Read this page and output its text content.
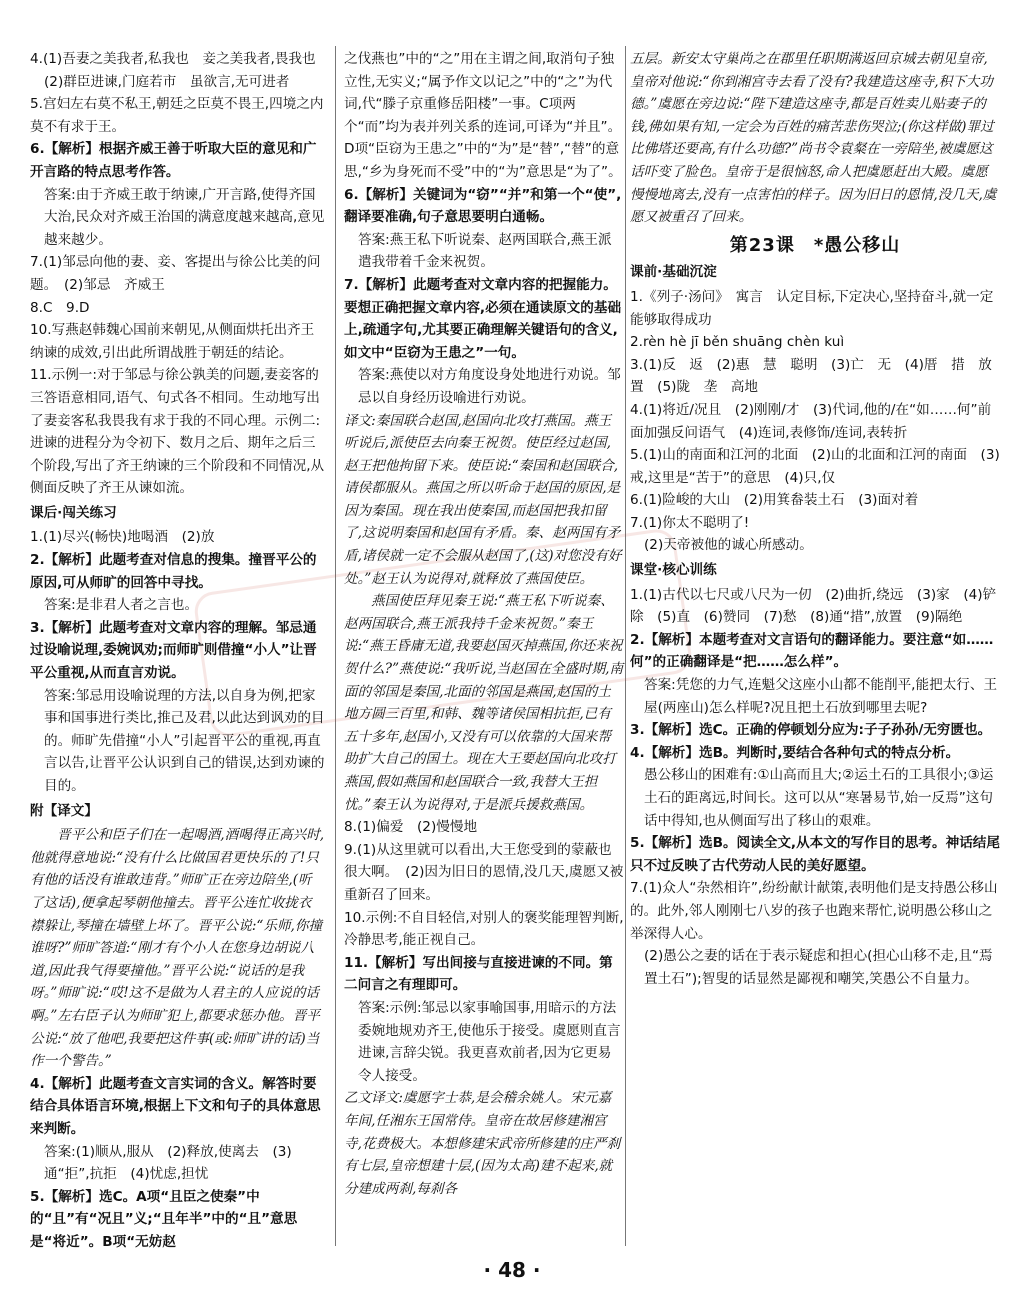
4.(1)吾妻之美我者,私我也　妾之美我者,畏我也
(2)群臣进谏,门庭若市　虽欲言,无可进者
5.宫妇左右莫不私王,朝廷之臣莫不畏王,四境之内莫不有求于王。
6.【解析】根据齐威王善于听取大臣的意见和广开言路的特点思考作答。
答案:由于齐威王敢于纳谏,广开言路,使得齐国大治,民众对齐威王治国的满意度越来越高,意见越来越少。
7.(1)邹忌向他的妻、妾、客提出与徐公比美的问题。　(2)邹忌　齐威王
8.C　9.D
10.写燕赵韩魏心国前来朝见,从侧面烘托出齐王纳谏的成效,引出此所谓战胜于朝廷的结论。
11.示例一:对于邹忌与徐公孰美的问题,妻妾客的三答语意相同,语气、句式各不相同。生动地写出了妻妾客私我畏我有求于我的不同心理。示例二:进谏的进程分为令初下、数月之后、期年之后三个阶段,写出了齐王纳谏的三个阶段和不同情况,从侧面反映了齐王从谏如流。
课后·闯关练习
1.(1)尽兴(畅快)地喝酒　(2)放
2.【解析】此题考查对信息的搜集。撞晋平公的原因,可从师旷的回答中寻找。
答案:是非君人者之言也。
3.【解析】此题考查对文章内容的理解。邹忌通过设喻说理,委婉讽劝;而师旷则借撞“小人”让晋平公重视,从而直言劝说。
答案:邹忌用设喻说理的方法,以自身为例,把家事和国事进行类比,推己及君,以此达到讽劝的目的。师旷先借撞“小人”引起晋平公的重视,再直言以告,让晋平公认识到自己的错误,达到劝谏的目的。
附【译文】
　　晋平公和臣子们在一起喝酒,酒喝得正高兴时,他就得意地说:“没有什么比做国君更快乐的了!只有他的话没有谁敢违背。”师旷正在旁边陪坐,(听了这话),便拿起琴朝他撞去。晋平公连忙收拢衣襟躲让,琴撞在墙壁上坏了。晋平公说:“乐师,你撞谁呀?”师旷答道:“刚才有个小人在您身边胡说八道,因此我气得要撞他。”晋平公说:“说话的是我呀。”师旷说:“哎!这不是做为人君主的人应说的话啊。”左右臣子认为师旷犯上,都要求惩办他。晋平公说:“放了他吧,我要把这件事(或:师旷讲的话)当作一个警告。”
4.【解析】此题考查文言实词的含义。解答时要结合具体语言环境,根据上下文和句子的具体意思来判断。
答案:(1)顺从,服从　(2)释放,使离去　(3)通“拒”,抗拒　(4)忧虑,担忧
5.【解析】选C。A项“且臣之使秦”中的“且”有“况且”义;“且年半”中的“且”意思是“将近”。B项“无妨赵
之伐燕也”中的“之”用在主谓之间,取消句子独立性,无实义;“属予作文以记之”中的“之”为代词,代“滕子京重修岳阳楼”一事。C项两个“而”均为表并列关系的连词,可译为“并且”。D项“臣窃为王患之”中的“为”是“替”,“替”的意思,“乡为身死而不受”中的“为”意思是“为了”。
6.【解析】关键词为“窃”“并”和第一个“使”,翻译要准确,句子意思要明白通畅。
答案:燕王私下听说秦、赵两国联合,燕王派遣我带着千金来祝贺。
7.【解析】此题考查对文章内容的把握能力。要想正确把握文章内容,必须在通读原文的基础上,疏通字句,尤其要正确理解关键语句的含义,如文中“臣窃为王患之”一句。
答案:燕使以对方角度设身处地进行劝说。邹忌以自身经历设喻进行劝说。
译文:秦国联合赵国,赵国向北攻打燕国。燕王听说后,派使臣去向秦王祝贺。使臣经过赵国,赵王把他拘留下来。使臣说:“秦国和赵国联合,请侯都服从。燕国之所以听命于赵国的原因,是因为秦国。现在我出使秦国,而赵国把我扣留了,这说明秦国和赵国有矛盾。秦、赵两国有矛盾,诸侯就一定不会服从赵国了,(这)对您没有好处。”赵王认为说得对,就释放了燕国使臣。
　　燕国使臣拜见秦王说:“燕王私下听说秦、赵两国联合,燕王派我持千金来祝贺。”秦王说:“燕王昏庸无道,我要赵国灭掉燕国,你还来祝贺什么?”燕使说:“我听说,当赵国在全盛时期,南面的邻国是秦国,北面的邻国是燕国,赵国的土地方圆三百里,和韩、魏等诸侯国相抗拒,已有五十多年,赵国小,又没有可以依靠的大国来帮助扩大自己的国土。现在大王要赵国向北攻打燕国,假如燕国和赵国联合一致,我替大王担忧。”秦王认为说得对,于是派兵援救燕国。
8.(1)偏爱　(2)慢慢地
9.(1)从这里就可以看出,大王您受到的蒙蔽也很大啊。　(2)因为旧日的恩情,没几天,虞愿又被重新召了回来。
10.示例:不自目轻信,对别人的褒奖能理智判断,冷静思考,能正视自己。
11.【解析】写出间接与直接进谏的不同。第二问言之有理即可。
答案:示例:邹忌以家事喻国事,用暗示的方法委婉地规劝齐王,使他乐于接受。虞愿则直言进谏,言辞尖锐。我更喜欢前者,因为它更易令人接受。
乙文译文:虞愿字士恭,是会稽余姚人。宋元嘉年间,任湘东王国常侍。皇帝在故居修建湘宫寺,花费极大。本想修建宋武帝所修建的庄严刹有七层,皇帝想建十层,(因为太高)建不起来,就分建成两刹,每刹各
五层。新安太守巢尚之在郡里任职期满返回京城去朝见皇帝,皇帝对他说:“你到湘宫寺去看了没有?我建造这座寺,积下大功德。”虞愿在旁边说:“陛下建造这座寺,都是百姓卖儿贴妻子的钱,佛如果有知,一定会为百姓的痛苦悲伤哭泣;(你这样做)罪过比佛塔还要高,有什么功德?”尚书令袁粲在一旁陪坐,被虞愿这话吓变了脸色。皇帝于是很恼怒,命人把虞愿赶出大殿。虞愿慢慢地离去,没有一点害怕的样子。因为旧日的恩情,没几天,虞愿又被重召了回来。
第23课　*愚公移山
课前·基础沉淀
1.《列子·汤问》　寓言　认定目标,下定决心,坚持奋斗,就一定能够取得成功
2.rèn hè jī běn shuāng chèn kuì
3.(1)反　返　(2)惠　慧　聪明　(3)亡　无　(4)厝　措　放置　(5)陇　垄　高地
4.(1)将近/况且　(2)刚刚/才　(3)代词,他的/在“如……何”前面加强反问语气　(4)连词,表修饰/连词,表转折
5.(1)山的南面和江河的北面　(2)山的北面和江河的南面　(3)戒,这里是“苦于”的意思　(4)只,仅
6.(1)险峻的大山　(2)用箕畚装土石　(3)面对着
7.(1)你太不聪明了!
(2)天帝被他的诚心所感动。
课堂·核心训练
1.(1)古代以七尺或八尺为一仞　(2)曲折,绕远　(3)家　(4)铲除　(5)直　(6)赞同　(7)愁　(8)通“措”,放置　(9)隔绝
2.【解析】本题考查对文言语句的翻译能力。要注意“如……何”的正确翻译是“把……怎么样”。
答案:凭您的力气,连魁父这座小山都不能削平,能把太行、王屋(两座山)怎么样呢?况且把土石放到哪里去呢?
3.【解析】选C。正确的停顿划分应为:子子孙孙/无穷匮也。
4.【解析】选B。判断时,要结合各种句式的特点分析。
愚公移山的困难有:①山高而且大;②运土石的工具很小;③运土石的距离远,时间长。这可以从“寒暑易节,始一反焉”这句话中得知,也从侧面写出了移山的艰难。
5.【解析】选B。阅读全文,从本文的写作目的思考。神话结尾只不过反映了古代劳动人民的美好愿望。
7.(1)众人“杂然相许”,纷纷献计献策,表明他们是支持愚公移山的。此外,邻人刚刚七八岁的孩子也跑来帮忙,说明愚公移山之举深得人心。
(2)愚公之妻的话在于表示疑虑和担心(担心山移不走,且“焉置土石”);智叟的话显然是鄙视和嘲笑,笑愚公不自量力。
· 48 ·
